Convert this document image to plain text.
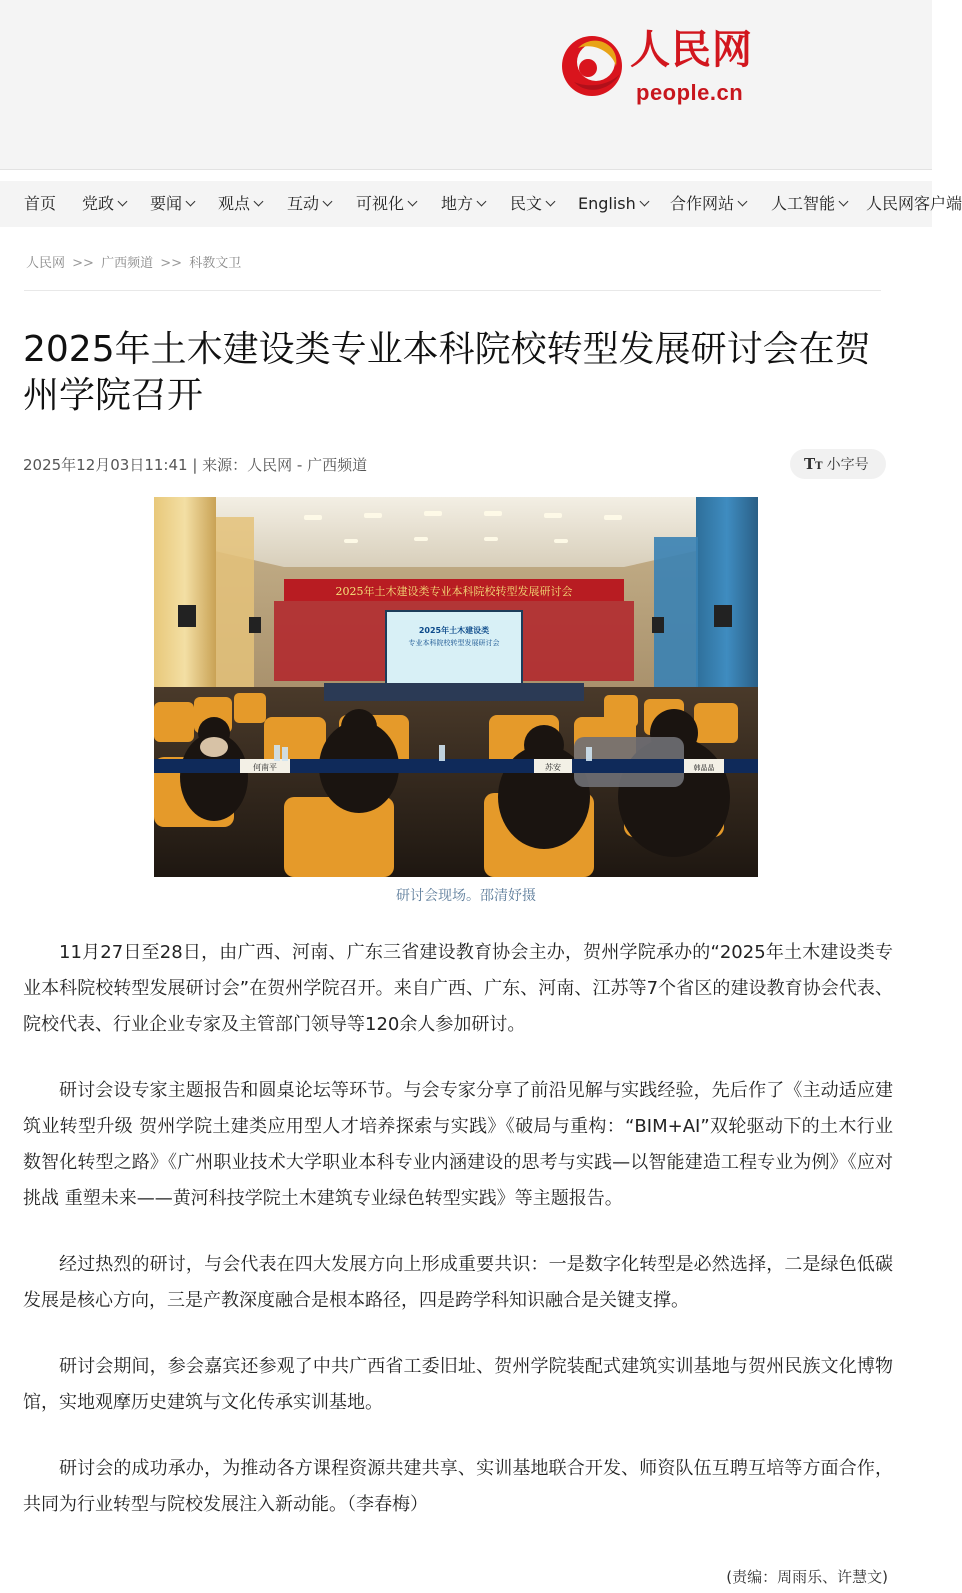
人民网
people.cn
首页 党政	要闻	观点	互动	可视化	地方	民文	English	合作网站	人工智能	人民网客户端
人民网 >> 广西频道 >> 科教文卫
2025年土木建设类专业本科院校转型发展研讨会在贺州学院召开
2025年12月03日11:41 | 来源：人民网 - 广西频道	TT 小字号
2025年土木建设类专业本科院校转型发展研讨会
2025年土木建设类
专业本科院校转型发展研讨会
何南平	苏安	韩晶晶
研讨会现场。邵清妤摄

11月27日至28日，由广西、河南、广东三省建设教育协会主办，贺州学院承办的“2025年土木建设类专业本科院校转型发展研讨会”在贺州学院召开。来自广西、广东、河南、江苏等7个省区的建设教育协会代表、院校代表、行业企业专家及主管部门领导等120余人参加研讨。

研讨会设专家主题报告和圆桌论坛等环节。与会专家分享了前沿见解与实践经验，先后作了《主动适应建筑业转型升级 贺州学院土建类应用型人才培养探索与实践》《破局与重构：“BIM+AI”双轮驱动下的土木行业数智化转型之路》《广州职业技术大学职业本科专业内涵建设的思考与实践—以智能建造工程专业为例》《应对挑战 重塑未来——黄河科技学院土木建筑专业绿色转型实践》等主题报告。

经过热烈的研讨，与会代表在四大发展方向上形成重要共识：一是数字化转型是必然选择，二是绿色低碳发展是核心方向，三是产教深度融合是根本路径，四是跨学科知识融合是关键支撑。

研讨会期间，参会嘉宾还参观了中共广西省工委旧址、贺州学院装配式建筑实训基地与贺州民族文化博物馆，实地观摩历史建筑与文化传承实训基地。

研讨会的成功承办，为推动各方课程资源共建共享、实训基地联合开发、师资队伍互聘互培等方面合作，共同为行业转型与院校发展注入新动能。（李春梅）

(责编：周雨乐、许慧文)
